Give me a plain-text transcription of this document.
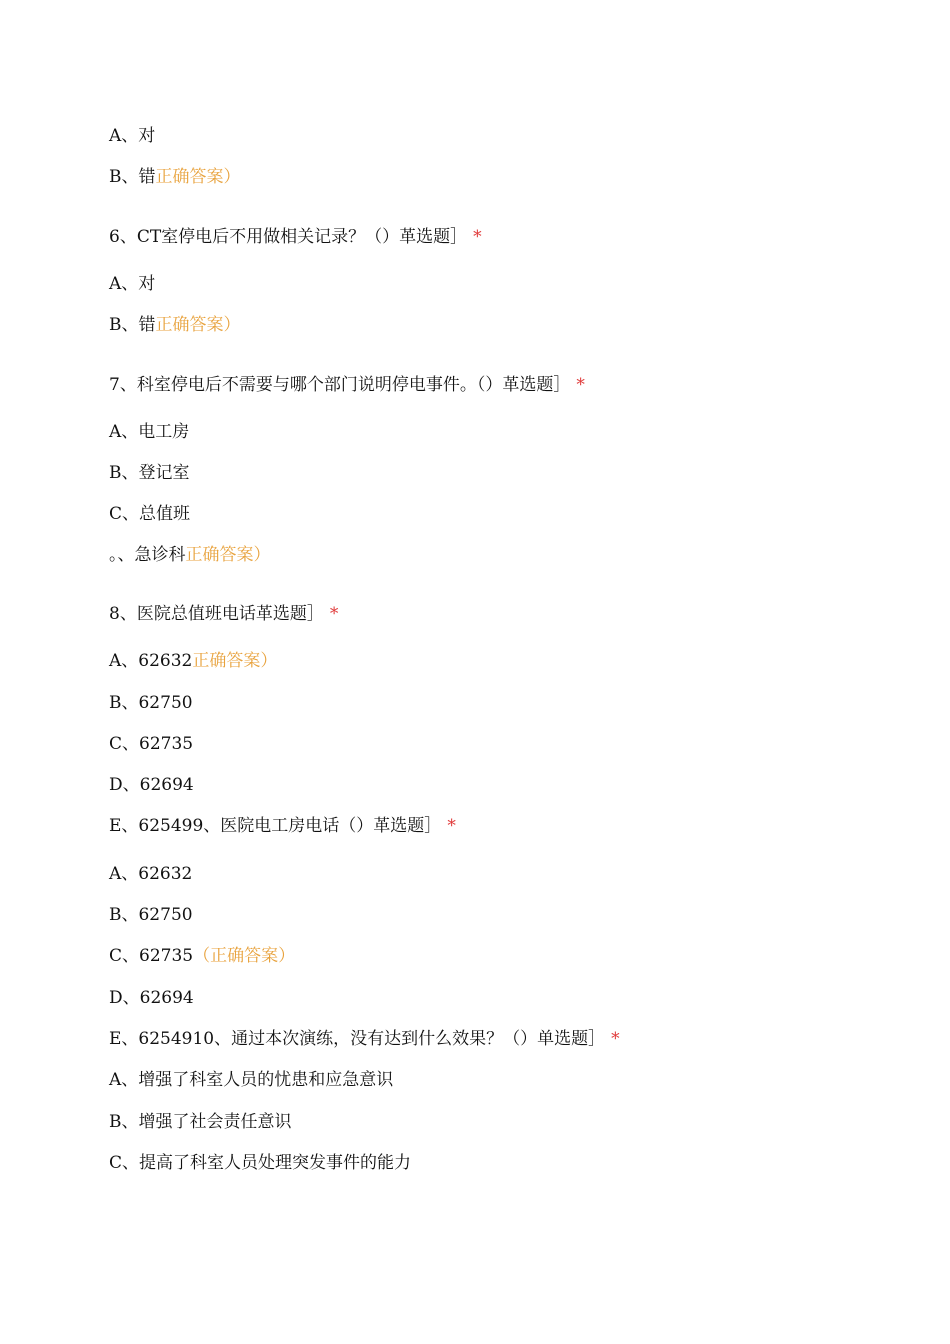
A、对
B、错正确答案）
6、CT室停电后不用做相关记录？（）革选题］ *
A、对
B、错正确答案）
7、科室停电后不需要与哪个部门说明停电事件。（）革选题］ *
A、电工房
B、登记室
C、总值班
。、急诊科正确答案）
8、医院总值班电话革选题］ *
A、62632正确答案）
B、62750
C、62735
D、62694
E、625499、医院电工房电话（）革选题］ *
A、62632
B、62750
C、62735（正确答案）
D、62694
E、6254910、通过本次演练，没有达到什么效果？（）单选题］ *
A、增强了科室人员的忧患和应急意识
B、增强了社会责任意识
C、提高了科室人员处理突发事件的能力
